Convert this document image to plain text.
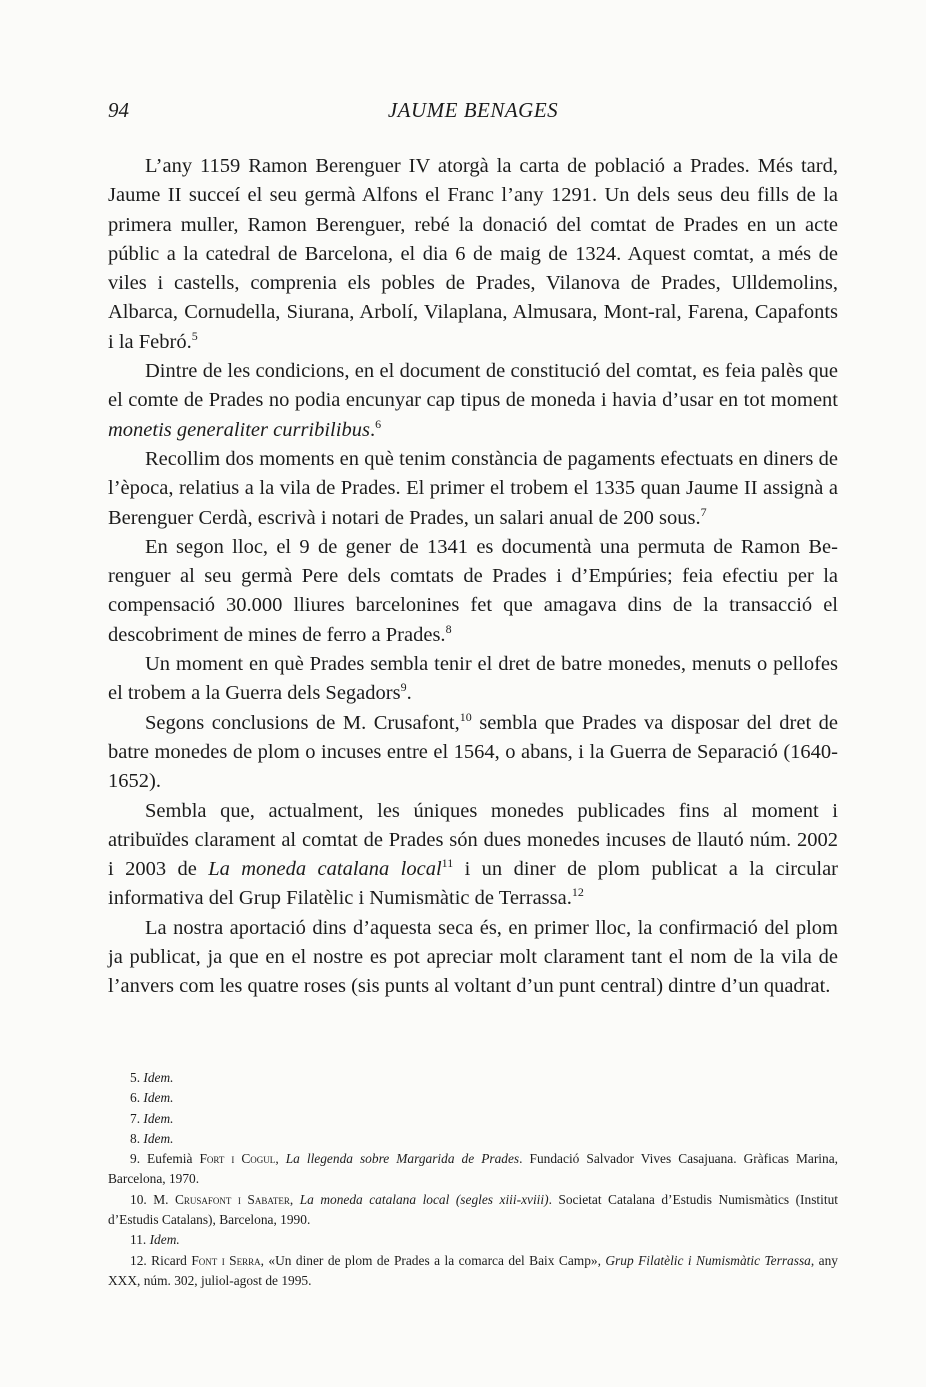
94	JAUME BENAGES

L’any 1159 Ramon Berenguer IV atorgà la carta de població a Prades. Més tard, Jaume II succeí el seu germà Alfons el Franc l’any 1291. Un dels seus deu fills de la primera muller, Ramon Berenguer, rebé la donació del comtat de Prades en un acte públic a la catedral de Barcelona, el dia 6 de maig de 1324. Aquest comtat, a més de viles i castells, comprenia els pobles de Prades, Vilanova de Prades, Ulldemolins, Albarca, Cornudella, Siurana, Arbolí, Vilaplana, Almusara, Mont-ral, Farena, Capafonts i la Febró.$^5$

Dintre de les condicions, en el document de constitució del comtat, es feia palès que el comte de Prades no podia encunyar cap tipus de moneda i havia d’usar en tot moment monetis generaliter curribilibus.$^6$

Recollim dos moments en què tenim constància de pagaments efectuats en diners de l’època, relatius a la vila de Prades. El primer el trobem el 1335 quan Jaume II assignà a Berenguer Cerdà, escrivà i notari de Prades, un salari anual de 200 sous.$^7$

En segon lloc, el 9 de gener de 1341 es documentà una permuta de Ramon Berenguer al seu germà Pere dels comtats de Prades i d’Empúries; feia efectiu per la compensació 30.000 lliures barcelonines fet que amagava dins de la transacció el descobriment de mines de ferro a Prades.$^8$

Un moment en què Prades sembla tenir el dret de batre monedes, menuts o pellofes el trobem a la Guerra dels Segadors$^9$.

Segons conclusions de M. Crusafont,$^{10}$ sembla que Prades va disposar del dret de batre monedes de plom o incuses entre el 1564, o abans, i la Guerra de Separació (1640-1652).

Sembla que, actualment, les úniques monedes publicades fins al moment i atribuïdes clarament al comtat de Prades són dues monedes incuses de llautó núm. 2002 i 2003 de La moneda catalana local$^{11}$ i un diner de plom publicat a la circular informativa del Grup Filatèlic i Numismàtic de Terrassa.$^{12}$

La nostra aportació dins d’aquesta seca és, en primer lloc, la confirmació del plom ja publicat, ja que en el nostre es pot apreciar molt clarament tant el nom de la vila de l’anvers com les quatre roses (sis punts al voltant d’un punt central) dintre d’un quadrat.

5. Idem.

6. Idem.

7. Idem.

8. Idem.

9. Eufemià Fort i Cogul, La llegenda sobre Margarida de Prades. Fundació Salvador Vives Casajuana. Gràficas Marina, Barcelona, 1970.

10. M. Crusafont i Sabater, La moneda catalana local (segles xiii-xviii). Societat Catalana d’Estudis Numismàtics (Institut d’Estudis Catalans), Barcelona, 1990.

11. Idem.

12. Ricard Font i Serra, «Un diner de plom de Prades a la comarca del Baix Camp», Grup Filatèlic i Numismàtic Terrassa, any XXX, núm. 302, juliol-agost de 1995.
